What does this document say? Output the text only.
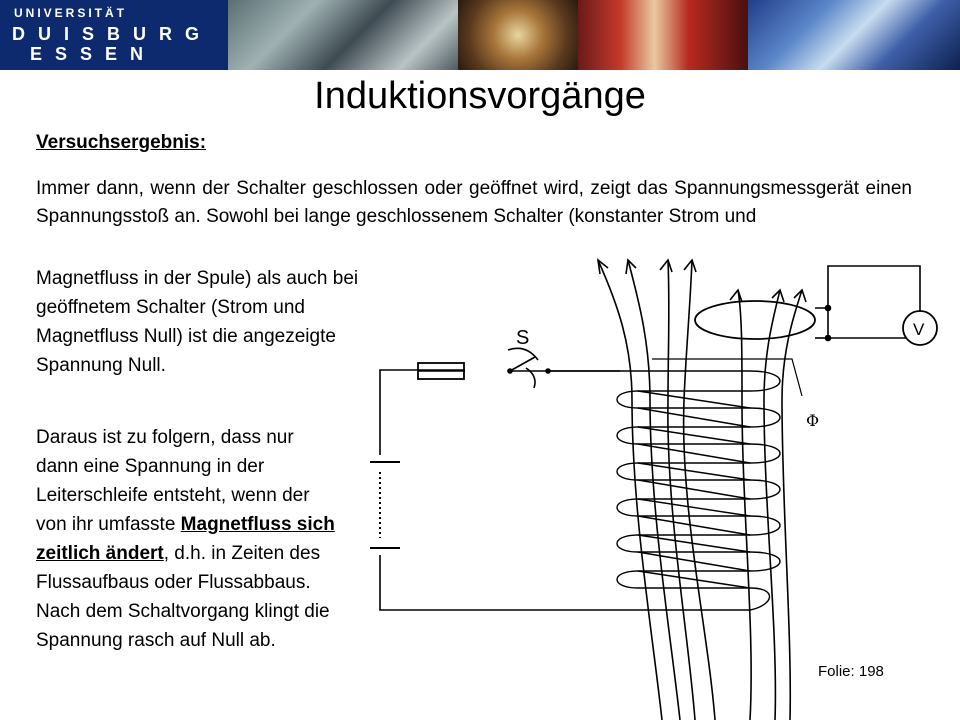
UNIVERSITÄT
DUISBURG
ESSEN
Induktionsvorgänge
Versuchsergebnis:

Immer dann, wenn der Schalter geschlossen oder geöffnet wird, zeigt das Spannungsmessgerät einen Spannungsstoß an. Sowohl bei lange geschlossenem Schalter (konstanter Strom und

Magnetfluss in der Spule) als auch bei geöffnetem Schalter (Strom und Magnetfluss Null) ist die angezeigte Spannung Null.

Daraus ist zu folgern, dass nur dann eine Spannung in der Leiterschleife entsteht, wenn der von ihr umfasste Magnetfluss sich zeitlich ändert, d.h. in Zeiten des Flussaufbaus oder Flussabbaus. Nach dem Schaltvorgang klingt die Spannung rasch auf Null ab.

S	V
Φ
Folie: 198
